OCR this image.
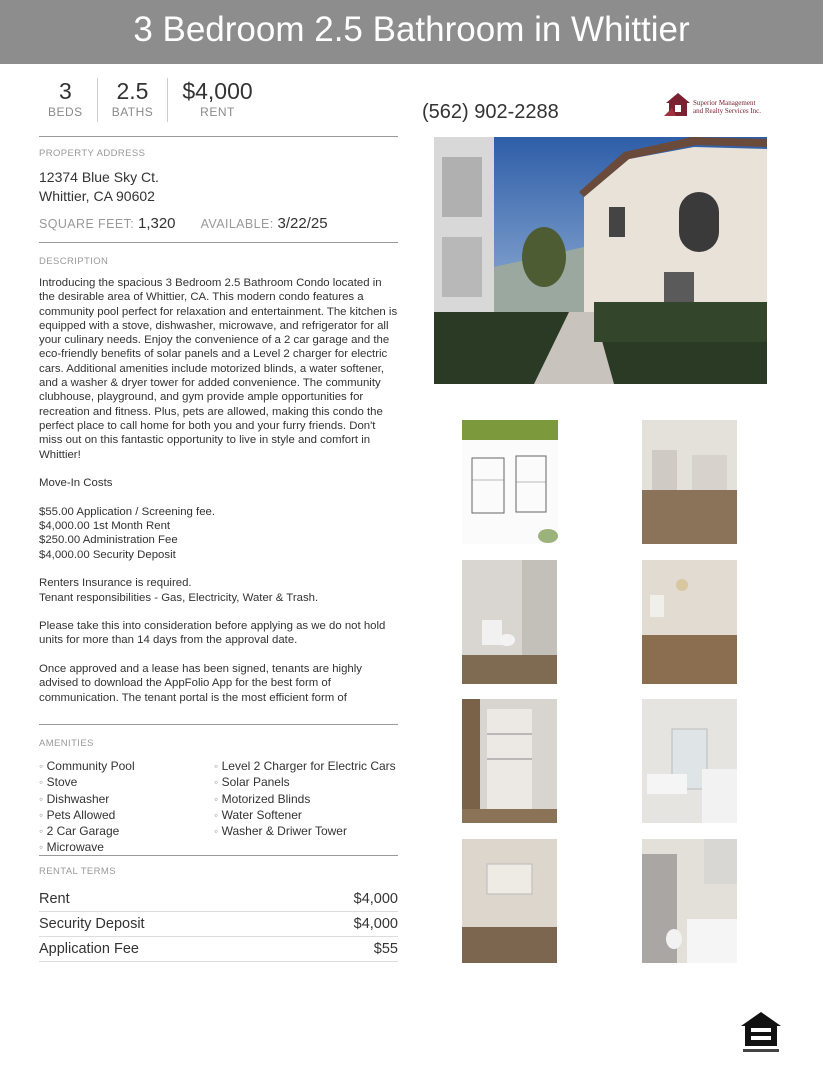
3 Bedroom 2.5 Bathroom in Whittier
3
BEDS
2.5
BATHS
$4,000
RENT	(562) 902-2288	Superior Management
and Realty Services Inc.
PROPERTY ADDRESS
12374 Blue Sky Ct.
Whittier, CA 90602
SQUARE FEET: 1,320 AVAILABLE: 3/22/25
DESCRIPTION

Introducing the spacious 3 Bedroom 2.5 Bathroom Condo located in the desirable area of Whittier, CA. This modern condo features a community pool perfect for relaxation and entertainment. The kitchen is equipped with a stove, dishwasher, microwave, and refrigerator for all your culinary needs. Enjoy the convenience of a 2 car garage and the eco-friendly benefits of solar panels and a Level 2 charger for electric cars. Additional amenities include motorized blinds, a water softener, and a washer & dryer tower for added convenience. The community clubhouse, playground, and gym provide ample opportunities for recreation and fitness. Plus, pets are allowed, making this condo the perfect place to call home for both you and your furry friends. Don't miss out on this fantastic opportunity to live in style and comfort in Whittier!

Move-In Costs

$55.00 Application / Screening fee.
$4,000.00 1st Month Rent
$250.00 Administration Fee
$4,000.00 Security Deposit

Renters Insurance is required.
Tenant responsibilities - Gas, Electricity, Water & Trash.

Please take this into consideration before applying as we do not hold units for more than 14 days from the approval date.

Once approved and a lease has been signed, tenants are highly advised to download the AppFolio App for the best form of communication. The tenant portal is the most efficient form of

AMENITIES
◦ Community Pool
◦ Stove
◦ Dishwasher
◦ Pets Allowed
◦ 2 Car Garage
◦ Microwave
◦ Level 2 Charger for Electric Cars
◦ Solar Panels
◦ Motorized Blinds
◦ Water Softener
◦ Washer & Driwer Tower
RENTAL TERMS
Rent	$4,000
Security Deposit	$4,000
Application Fee	$55
